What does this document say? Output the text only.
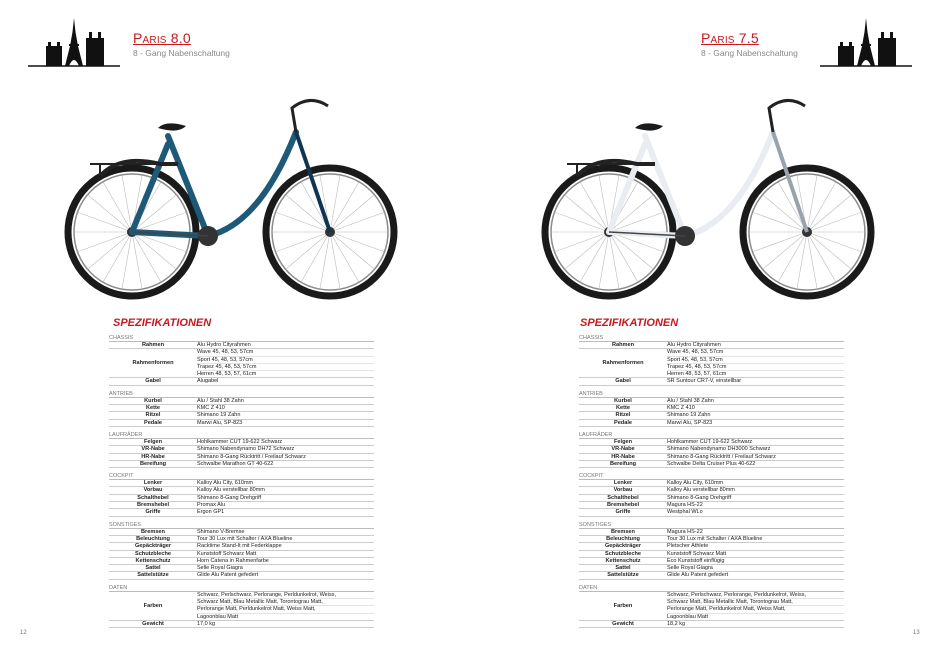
Paris 8.0
8 - Gang Nabenschaltung
SPEZIFIKATIONEN
CHASSIS
Rahmen	Alu Hydro Cityrahmen
Rahmenformen
Wave 45, 48, 53, 57cm
Sport 45, 48, 53, 57cm
Trapez 45, 48, 53, 57cm
Herren 48, 53, 57, 61cm
Gabel	Alugabel
ANTRIEB
Kurbel	Alu / Stahl 38 Zahn
Kette	KMC Z 410
Ritzel	Shimano 19 Zahn
Pedale	Marwi Alu, SP-823
LAUFRÄDER
Felgen	Hohlkammer CUT 19-622 Schwarz
VR-Nabe	Shimano Nabendynamo DH72 Schwarz
HR-Nabe	Shimano 8-Gang Rücktritt / Freilauf Schwarz
Bereifung	Schwalbe Marathon GT 40-622
COCKPIT
Lenker	Kalloy Alu City, 610mm
Vorbau	Kalloy Alu verstellbar 80mm
Schalthebel	Shimano 8-Gang Drehgriff
Bremshebel	Promax Alu
Griffe	Ergon GP1
SONSTIGES
Bremsen	Shimano V-Bremse
Beleuchtung	Tour 30 Lux mit Schalter / AXA Blueline
Gepäckträger	Racktime Stand-It mit Federklappe
Schutzbleche	Kunststoff Schwarz Matt
Kettenschutz	Horn Catena in Rahmenfarbe
Sattel	Selle Royal Giagra
Sattelstütze	Glide Alu Patent gefedert
DATEN
Farben
Schwarz, Perlschwarz, Perlorange, Perldunkelrot, Weiss,
Schwarz Matt, Blau Metallic Matt, Torontograu Matt,
Perlorange Matt, Perldunkelrot Matt, Weiss Matt,
Lagoonblau Matt
Gewicht	17,0 kg
12
Paris 7.5
8 - Gang Nabenschaltung
SPEZIFIKATIONEN
CHASSIS
Rahmen	Alu Hydro Cityrahmen
Rahmenformen
Wave 45, 48, 53, 57cm
Sport 45, 48, 53, 57cm
Trapez 45, 48, 53, 57cm
Herren 48, 53, 57, 61cm
Gabel	SR Suntour CR7-V, einstellbar
ANTRIEB
Kurbel	Alu / Stahl 38 Zahn
Kette	KMC Z 410
Ritzel	Shimano 19 Zahn
Pedale	Marwi Alu, SP-823
LAUFRÄDER
Felgen	Hohlkammer CUT 19-622 Schwarz
VR-Nabe	Shimano Nabendynamo DH3000 Schwarz
HR-Nabe	Shimano 8-Gang Rücktritt / Freilauf Schwarz
Bereifung	Schwalbe Delta Cruiser Plus 40-622
COCKPIT
Lenker	Kalloy Alu City, 610mm
Vorbau	Kalloy Alu verstellbar 80mm
Schalthebel	Shimano 8-Gang Drehgriff
Bremshebel	Magura HS-22
Griffe	Westphal WLo
SONSTIGES
Bremsen	Magura HS-22
Beleuchtung	Tour 30 Lux mit Schalter / AXA Blueline
Gepäckträger	Pletscher Athlete
Schutzbleche	Kunststoff Schwarz Matt
Kettenschutz	Eco Kunststoff einflügig
Sattel	Selle Royal Giagra
Sattelstütze	Glide Alu Patent gefedert
DATEN
Farben
Schwarz, Perlschwarz, Perlorange, Perldunkelrot, Weiss,
Schwarz Matt, Blau Metallic Matt, Torontograu Matt,
Perlorange Matt, Perldunkelrot Matt, Weiss Matt,
Lagoonblau Matt
Gewicht	18,2 kg
13
